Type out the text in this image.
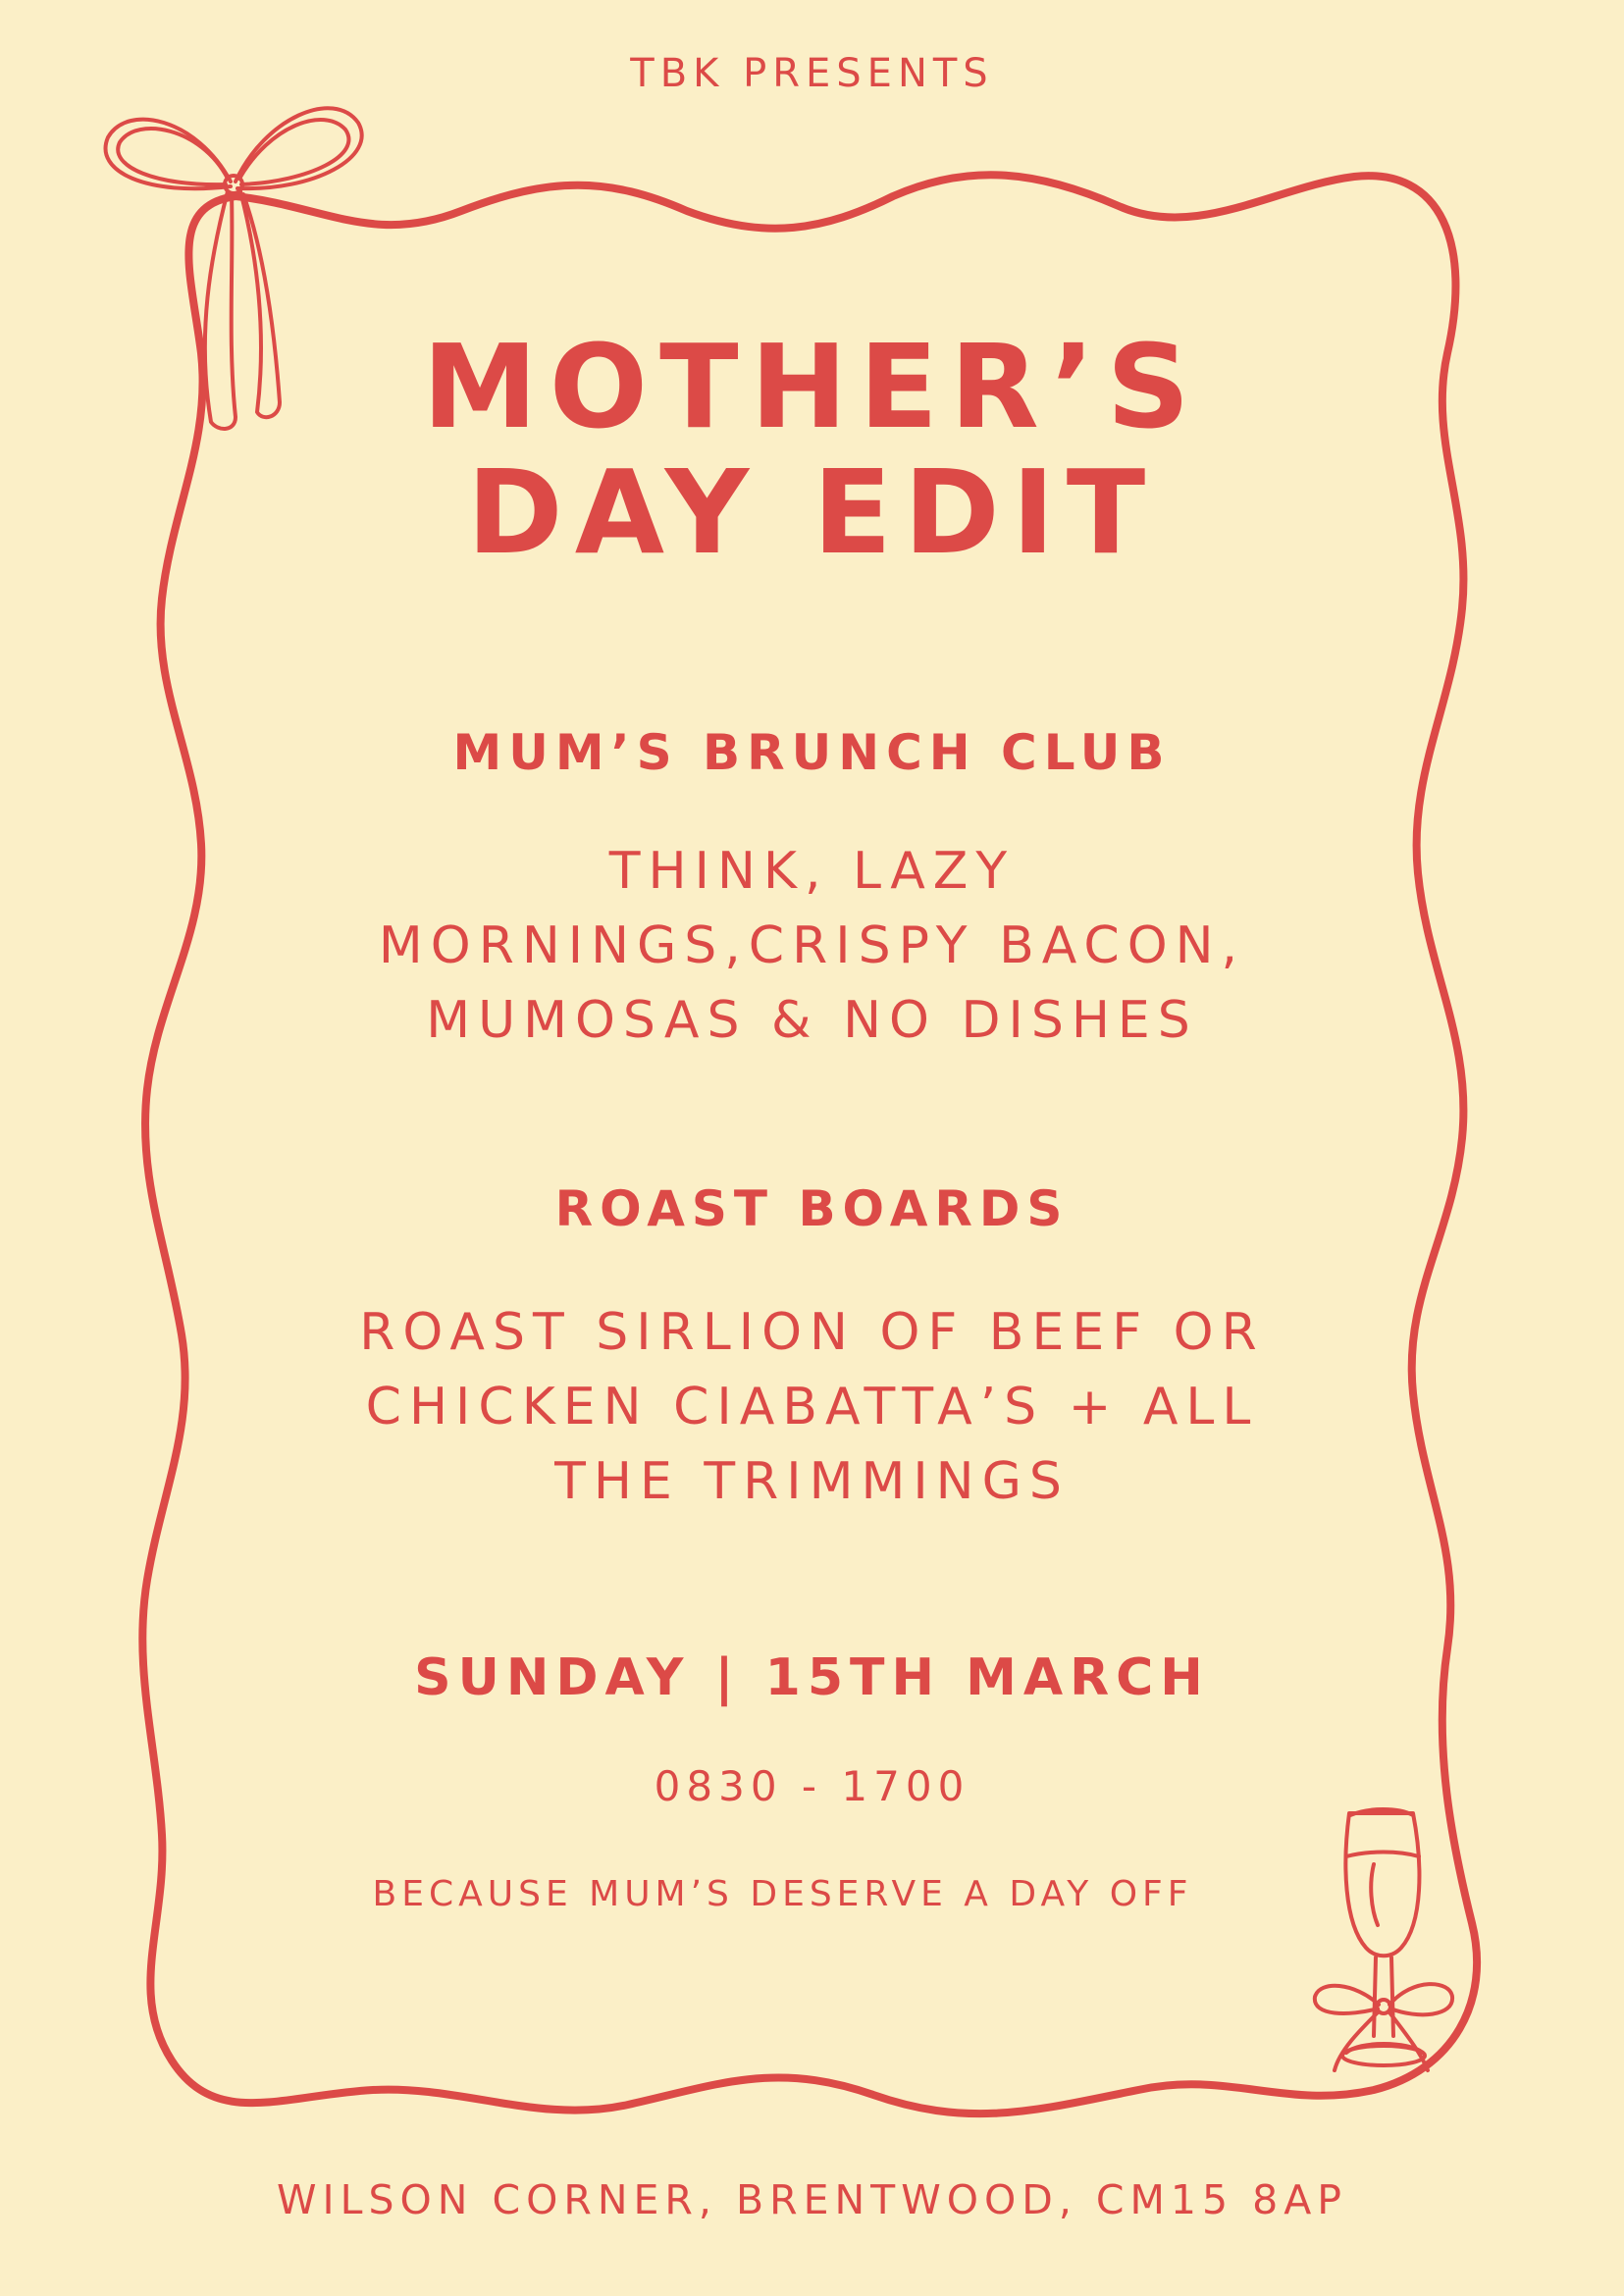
TBK PRESENTS
MOTHER’S
DAY EDIT
MUM’S BRUNCH CLUB
THINK, LAZY
MORNINGS,CRISPY BACON,
MUMOSAS & NO DISHES
ROAST BOARDS
ROAST SIRLION OF BEEF OR
CHICKEN CIABATTA’S + ALL
THE TRIMMINGS
SUNDAY | 15TH MARCH
0830 - 1700
BECAUSE MUM’S DESERVE A DAY OFF
WILSON CORNER, BRENTWOOD, CM15 8AP
